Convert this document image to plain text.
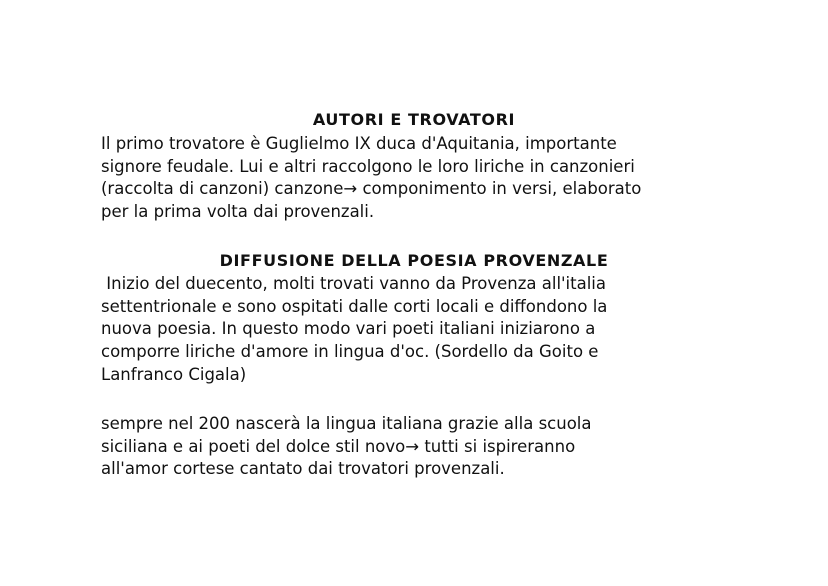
AUTORI E TROVATORI

Il primo trovatore è Guglielmo IX duca d'Aquitania, importante
signore feudale. Lui e altri raccolgono le loro liriche in canzonieri
(raccolta di canzoni) canzone→ componimento in versi, elaborato
per la prima volta dai provenzali.

DIFFUSIONE DELLA POESIA PROVENZALE

Inizio del duecento, molti trovati vanno da Provenza all'italia
settentrionale e sono ospitati dalle corti locali e diffondono la
nuova poesia. In questo modo vari poeti italiani iniziarono a
comporre liriche d'amore in lingua d'oc. (Sordello da Goito e
Lanfranco Cigala)

sempre nel 200 nascerà la lingua italiana grazie alla scuola
siciliana e ai poeti del dolce stil novo→ tutti si ispireranno
all'amor cortese cantato dai trovatori provenzali.
